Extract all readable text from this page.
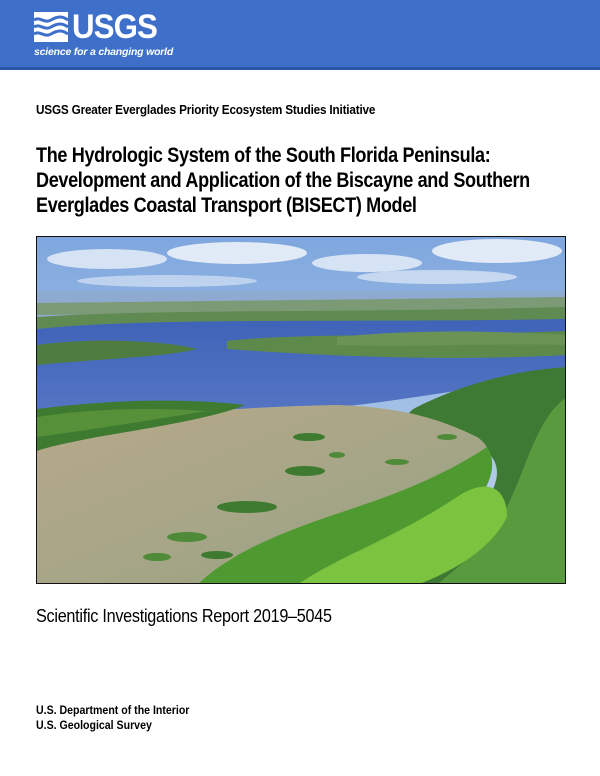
USGS
science for a changing world
USGS Greater Everglades Priority Ecosystem Studies Initiative
The Hydrologic System of the South Florida Peninsula:
Development and Application of the Biscayne and Southern
Everglades Coastal Transport (BISECT) Model
Scientific Investigations Report 2019–5045
U.S. Department of the Interior
U.S. Geological Survey
